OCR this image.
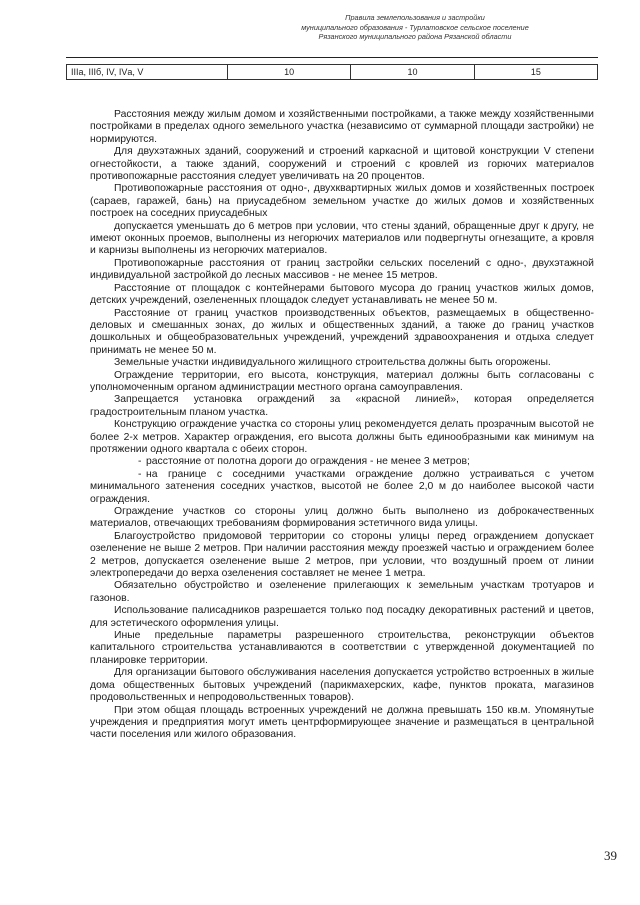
Правила землепользования и застройки
муниципального образования - Турлатовское сельское поселение
Рязанского муниципального района Рязанской области
IIIа, IIIб, IV, IVа, V	10	10	15

Расстояния между жилым домом и хозяйственными постройками, а также между хозяйственными постройками в пределах одного земельного участка (независимо от суммарной площади застройки) не нормируются.

Для двухэтажных зданий, сооружений и строений каркасной и щитовой конструкции V степени огнестойкости, а также зданий, сооружений и строений с кровлей из горючих материалов противопожарные расстояния следует увеличивать на 20 процентов.

Противопожарные расстояния от одно-, двухквартирных жилых домов и хозяйственных построек (сараев, гаражей, бань) на приусадебном земельном участке до жилых домов и хозяйственных построек на соседних приусадебных

допускается уменьшать до 6 метров при условии, что стены зданий, обращенные друг к другу, не имеют оконных проемов, выполнены из негорючих материалов или подвергнуты огнезащите, а кровля и карнизы выполнены из негорючих материалов.

Противопожарные расстояния от границ застройки сельских поселений с одно-, двухэтажной индивидуальной застройкой до лесных массивов - не менее 15 метров.

Расстояние от площадок с контейнерами бытового мусора до границ участков жилых домов, детских учреждений, озелененных площадок следует устанавливать не менее 50 м.

Расстояние от границ участков производственных объектов, размещаемых в общественно-деловых и смешанных зонах, до жилых и общественных зданий, а также до границ участков дошкольных и общеобразовательных учреждений, учреждений здравоохранения и отдыха следует принимать не менее 50 м.

Земельные участки индивидуального жилищного строительства должны быть огорожены.

Ограждение территории, его высота, конструкция, материал должны быть согласованы с уполномоченным органом администрации местного органа самоуправления.

Запрещается установка ограждений за «красной линией», которая определяется градостроительным планом участка.

Конструкцию ограждение участка со стороны улиц рекомендуется делать прозрачным высотой не более 2-х метров. Характер ограждения, его высота должны быть единообразными как минимум на протяжении одного квартала с обеих сторон.

- расстояние от полотна дороги до ограждения - не менее 3 метров;

- на границе с соседними участками ограждение должно устраиваться с учетом минимального затенения соседних участков, высотой не более 2,0 м до наиболее высокой части ограждения.

Ограждение участков со стороны улиц должно быть выполнено из доброкачественных материалов, отвечающих требованиям формирования эстетичного вида улицы.

Благоустройство придомовой территории со стороны улицы перед ограждением допускает озеленение не выше 2 метров. При наличии расстояния между проезжей частью и ограждением более 2 метров, допускается озеленение выше 2 метров, при условии, что воздушный проем от линии электропередачи до верха озеленения составляет не менее 1 метра.

Обязательно обустройство и озеленение прилегающих к земельным участкам тротуаров и газонов.

Использование палисадников разрешается только под посадку декоративных растений и цветов, для эстетического оформления улицы.

Иные предельные параметры разрешенного строительства, реконструкции объектов капитального строительства устанавливаются в соответствии с утвержденной документацией по планировке территории.

Для организации бытового обслуживания населения допускается устройство встроенных в жилые дома общественных бытовых учреждений (парикмахерских, кафе, пунктов проката, магазинов продовольственных и непродовольственных товаров).

При этом общая площадь встроенных учреждений не должна превышать 150 кв.м. Упомянутые учреждения и предприятия могут иметь центрформирующее значение и размещаться в центральной части поселения или жилого образования.

39
